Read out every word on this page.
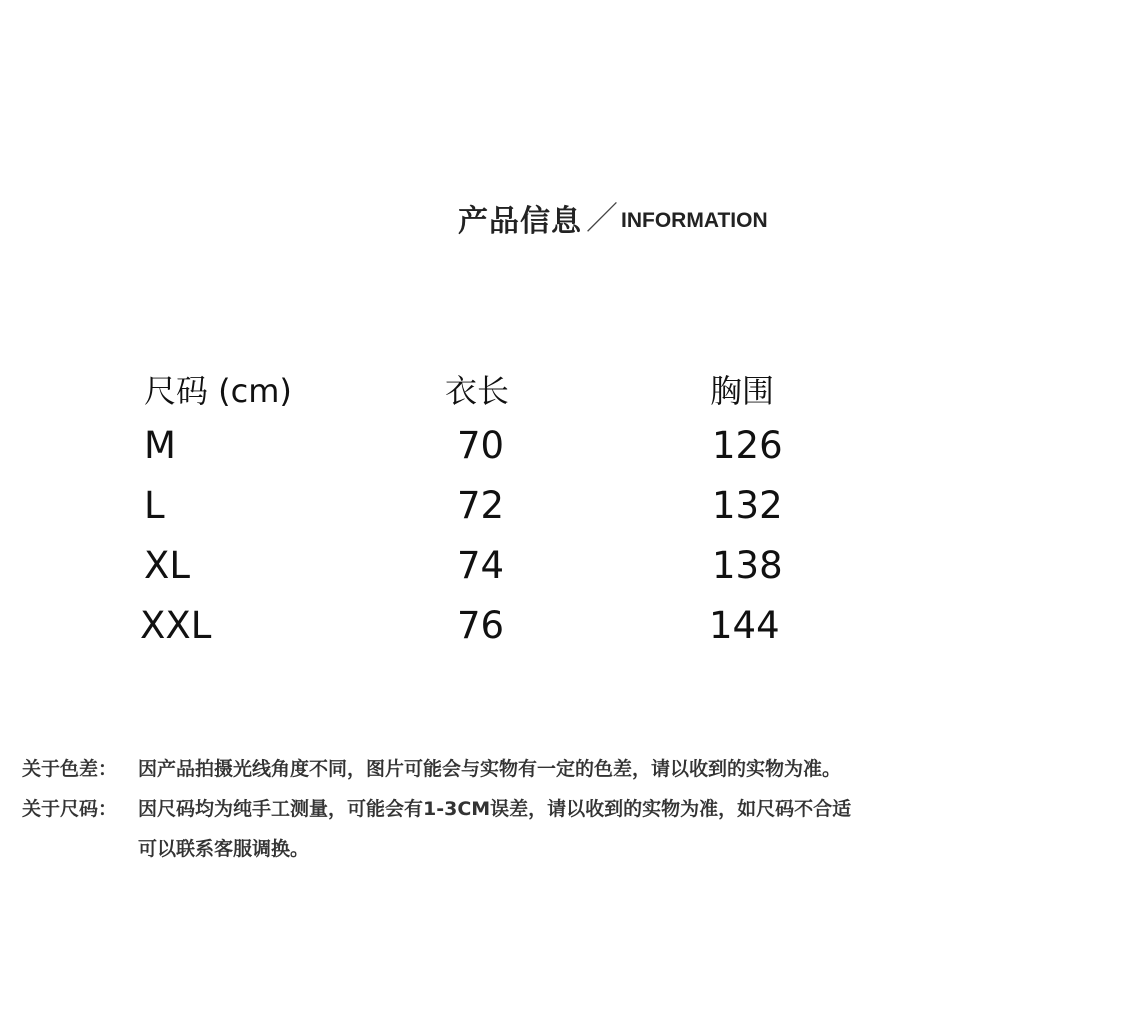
产品信息 ／ INFORMATION
尺码 (cm)	衣长	胸围
M	70	126
L	72	132
XL	74	138
XXL	76	144
关于色差： 因产品拍摄光线角度不同，图片可能会与实物有一定的色差，请以收到的实物为准。
关于尺码： 因尺码均为纯手工测量，可能会有1-3CM误差，请以收到的实物为准，如尺码不合适
可以联系客服调换。
